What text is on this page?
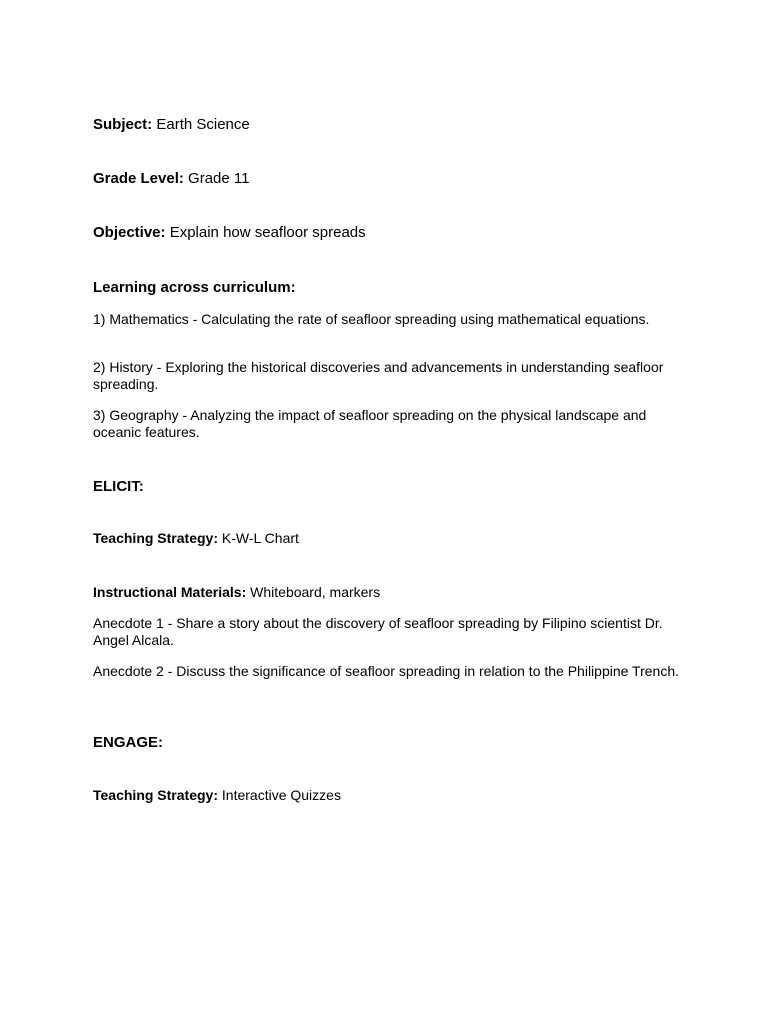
Subject: Earth Science

Grade Level: Grade 11

Objective: Explain how seafloor spreads

Learning across curriculum:

1) Mathematics - Calculating the rate of seafloor spreading using mathematical equations.

2) History - Exploring the historical discoveries and advancements in understanding seafloor spreading.

3) Geography - Analyzing the impact of seafloor spreading on the physical landscape and oceanic features.

ELICIT:

Teaching Strategy: K-W-L Chart

Instructional Materials: Whiteboard, markers

Anecdote 1 - Share a story about the discovery of seafloor spreading by Filipino scientist Dr. Angel Alcala.

Anecdote 2 - Discuss the significance of seafloor spreading in relation to the Philippine Trench.

ENGAGE:

Teaching Strategy: Interactive Quizzes
